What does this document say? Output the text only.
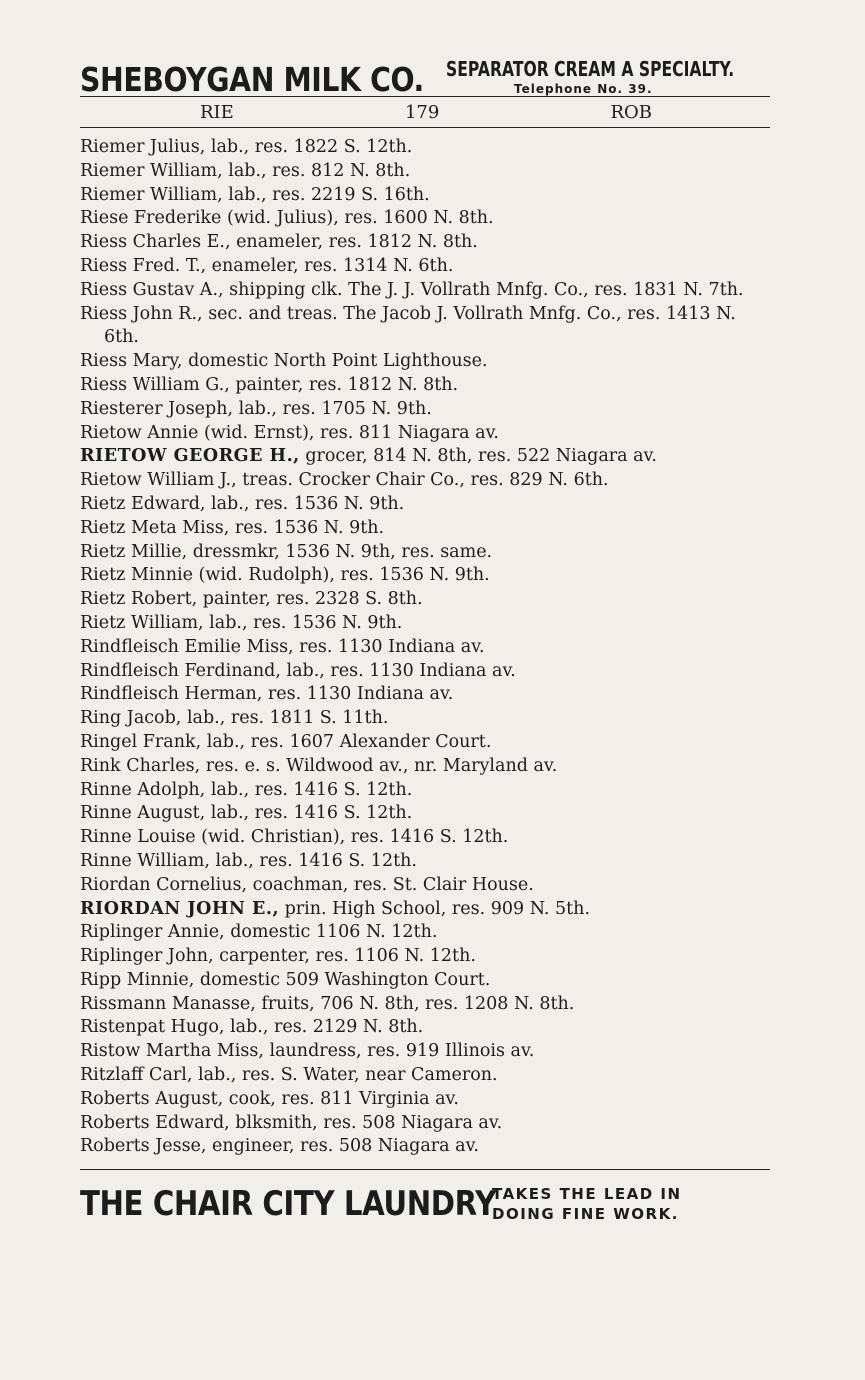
SHEBOYGAN MILK CO. SEPARATOR CREAM A SPECIALTY.
Telephone No. 39.
RIE	179	ROB
Riemer Julius, lab., res. 1822 S. 12th.
Riemer William, lab., res. 812 N. 8th.
Riemer William, lab., res. 2219 S. 16th.
Riese Frederike (wid. Julius), res. 1600 N. 8th.
Riess Charles E., enameler, res. 1812 N. 8th.
Riess Fred. T., enameler, res. 1314 N. 6th.
Riess Gustav A., shipping clk. The J. J. Vollrath Mnfg. Co., res. 1831 N. 7th.
Riess John R., sec. and treas. The Jacob J. Vollrath Mnfg. Co., res. 1413 N. 6th.
Riess Mary, domestic North Point Lighthouse.
Riess William G., painter, res. 1812 N. 8th.
Riesterer Joseph, lab., res. 1705 N. 9th.
Rietow Annie (wid. Ernst), res. 811 Niagara av.
RIETOW GEORGE H., grocer, 814 N. 8th, res. 522 Niagara av.
Rietow William J., treas. Crocker Chair Co., res. 829 N. 6th.
Rietz Edward, lab., res. 1536 N. 9th.
Rietz Meta Miss, res. 1536 N. 9th.
Rietz Millie, dressmkr, 1536 N. 9th, res. same.
Rietz Minnie (wid. Rudolph), res. 1536 N. 9th.
Rietz Robert, painter, res. 2328 S. 8th.
Rietz William, lab., res. 1536 N. 9th.
Rindfleisch Emilie Miss, res. 1130 Indiana av.
Rindfleisch Ferdinand, lab., res. 1130 Indiana av.
Rindfleisch Herman, res. 1130 Indiana av.
Ring Jacob, lab., res. 1811 S. 11th.
Ringel Frank, lab., res. 1607 Alexander Court.
Rink Charles, res. e. s. Wildwood av., nr. Maryland av.
Rinne Adolph, lab., res. 1416 S. 12th.
Rinne August, lab., res. 1416 S. 12th.
Rinne Louise (wid. Christian), res. 1416 S. 12th.
Rinne William, lab., res. 1416 S. 12th.
Riordan Cornelius, coachman, res. St. Clair House.
RIORDAN JOHN E., prin. High School, res. 909 N. 5th.
Riplinger Annie, domestic 1106 N. 12th.
Riplinger John, carpenter, res. 1106 N. 12th.
Ripp Minnie, domestic 509 Washington Court.
Rissmann Manasse, fruits, 706 N. 8th, res. 1208 N. 8th.
Ristenpat Hugo, lab., res. 2129 N. 8th.
Ristow Martha Miss, laundress, res. 919 Illinois av.
Ritzlaff Carl, lab., res. S. Water, near Cameron.
Roberts August, cook, res. 811 Virginia av.
Roberts Edward, blksmith, res. 508 Niagara av.
Roberts Jesse, engineer, res. 508 Niagara av.
THE CHAIR CITY LAUNDRY
TAKES THE LEAD IN
DOING FINE WORK.
